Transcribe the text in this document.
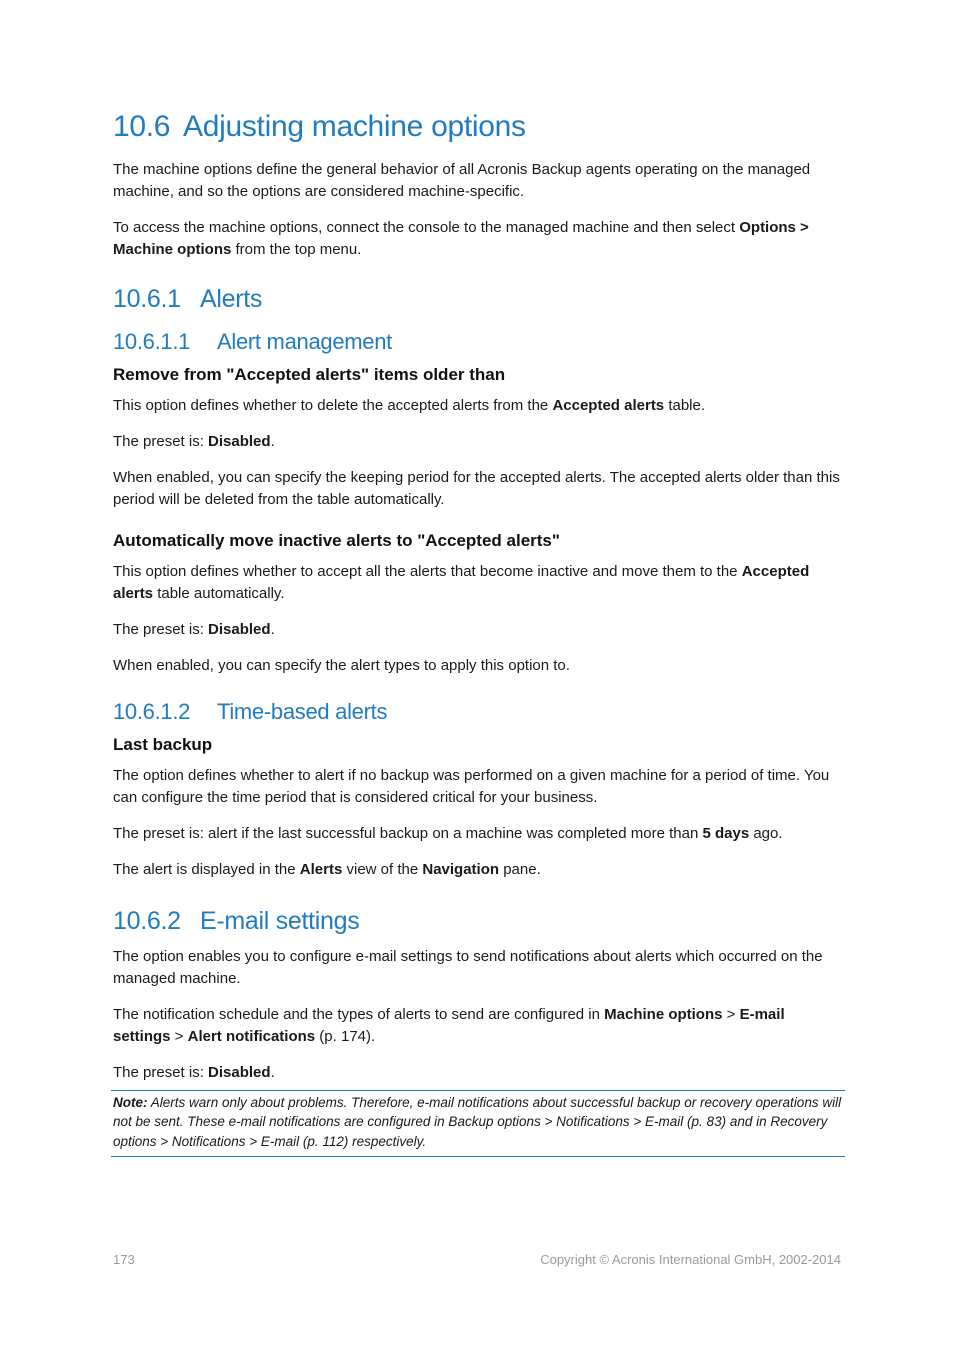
10.6 Adjusting machine options

The machine options define the general behavior of all Acronis Backup agents operating on the managed machine, and so the options are considered machine-specific.

To access the machine options, connect the console to the managed machine and then select Options > Machine options from the top menu.

10.6.1 Alerts
10.6.1.1 Alert management
Remove from "Accepted alerts" items older than

This option defines whether to delete the accepted alerts from the Accepted alerts table.

The preset is: Disabled.

When enabled, you can specify the keeping period for the accepted alerts. The accepted alerts older than this period will be deleted from the table automatically.

Automatically move inactive alerts to "Accepted alerts"

This option defines whether to accept all the alerts that become inactive and move them to the Accepted alerts table automatically.

The preset is: Disabled.

When enabled, you can specify the alert types to apply this option to.

10.6.1.2 Time-based alerts
Last backup

The option defines whether to alert if no backup was performed on a given machine for a period of time. You can configure the time period that is considered critical for your business.

The preset is: alert if the last successful backup on a machine was completed more than 5 days ago.

The alert is displayed in the Alerts view of the Navigation pane.

10.6.2 E-mail settings

The option enables you to configure e-mail settings to send notifications about alerts which occurred on the managed machine.

The notification schedule and the types of alerts to send are configured in Machine options > E-mail settings > Alert notifications (p. 174).

The preset is: Disabled.

Note: Alerts warn only about problems. Therefore, e-mail notifications about successful backup or recovery operations will not be sent. These e-mail notifications are configured in Backup options > Notifications > E-mail (p. 83) and in Recovery options > Notifications > E-mail (p. 112) respectively.
173	Copyright © Acronis International GmbH, 2002-2014
